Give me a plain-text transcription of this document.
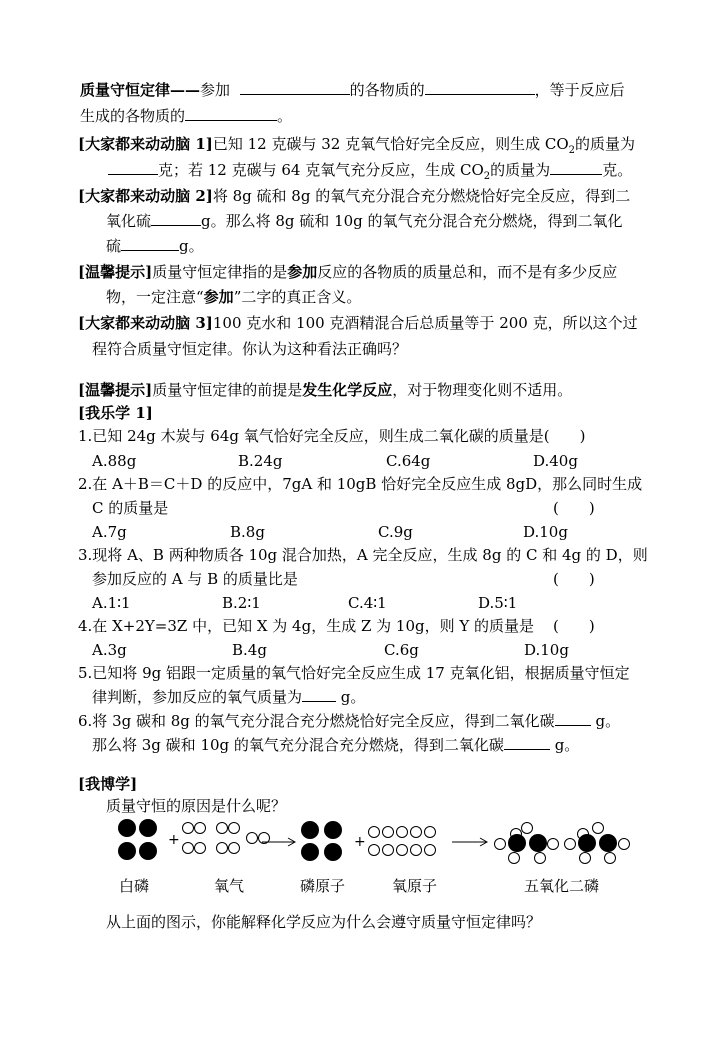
质量守恒定律——参加	的各物质的	，等于反应后
生成的各物质的	。
[大家都来动动脑 1]已知 12 克碳与 32 克氧气恰好完全反应，则生成 $CO_2$的质量为
克；若 12 克碳与 64 克氧气充分反应，生成 $CO_2$的质量为	克。
[大家都来动动脑 2]将 8g 硫和 8g 的氧气充分混合充分燃烧恰好完全反应，得到二
氧化硫	g。那么将 8g 硫和 10g 的氧气充分混合充分燃烧，得到二氧化
硫	g。
[温馨提示]质量守恒定律指的是参加反应的各物质的质量总和，而不是有多少反应
物，一定注意“参加”二字的真正含义。
[大家都来动动脑 3]100 克水和 100 克酒精混合后总质量等于 200 克，所以这个过
程符合质量守恒定律。你认为这种看法正确吗？
[温馨提示]质量守恒定律的前提是发生化学反应，对于物理变化则不适用。
[我乐学 1]
1.已知 24g 木炭与 64g 氧气恰好完全反应，则生成二氧化碳的质量是(　　)
A.88g	B.24g	C.64g	D.40g
2.在 A＋B＝C＋D 的反应中，7gA 和 10gB 恰好完全反应生成 8gD，那么同时生成
C 的质量是	(　　)
A.7g	B.8g	C.9g	D.10g
3.现将 A、B 两种物质各 10g 混合加热，A 完全反应，生成 8g 的 C 和 4g 的 D，则
参加反应的 A 与 B 的质量比是	(　　)
A.1∶1	B.2∶1	C.4∶1	D.5∶1
4.在 X+2Y=3Z 中，已知 X 为 4g，生成 Z 为 10g，则 Y 的质量是 (　　)
A.3g	B.4g	C.6g	D.10g
5.已知将 9g 铝跟一定质量的氧气恰好完全反应生成 17 克氧化铝，根据质量守恒定
律判断，参加反应的氧气质量为	g。
6.将 3g 碳和 8g 的氧气充分混合充分燃烧恰好完全反应，得到二氧化碳	g。
那么将 3g 碳和 10g 的氧气充分混合充分燃烧，得到二氧化碳	g。
[我博学]
质量守恒的原因是什么呢？
+	+
白磷	氧气	磷原子	氧原子	五氧化二磷
从上面的图示，你能解释化学反应为什么会遵守质量守恒定律吗？
